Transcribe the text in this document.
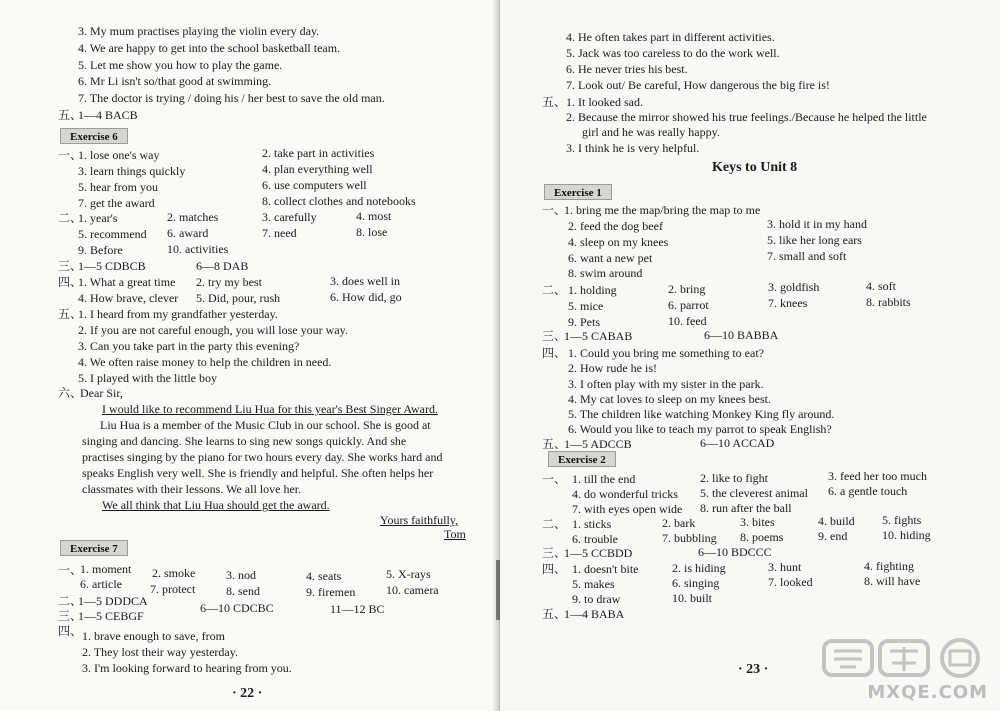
3. My mum practises playing the violin every day.
4. We are happy to get into the school basketball team.
5. Let me show you how to play the game.
6. Mr Li isn't so/that good at swimming.
7. The doctor is trying / doing his / her best to save the old man.
五、
1—4 BACB
Exercise 6
一、
1. lose one's way	2. take part in activities
3. learn things quickly	4. plan everything well
5. hear from you	6. use computers well
7. get the award	8. collect clothes and notebooks
二、
1. year's	2. matches	3. carefully	4. most
5. recommend 6. award	7. need	8. lose
9. Before	10. activities
三、
1—5 CDBCB	6—8 DAB
四、
1. What a great time 2. try my best	3. does well in
4. How brave, clever 5. Did, pour, rush	6. How did, go
五、
1. I heard from my grandfather yesterday.
2. If you are not careful enough, you will lose your way.
3. Can you take part in the party this evening?
4. We often raise money to help the children in need.
5. I played with the little boy
六、
Dear Sir,
I would like to recommend Liu Hua for this year's Best Singer Award.
Liu Hua is a member of the Music Club in our school. She is good at
singing and dancing. She learns to sing new songs quickly. And she
practises singing by the piano for two hours every day. She works hard and
speaks English very well. She is friendly and helpful. She often helps her
classmates with their lessons. We all love her.
We all think that Liu Hua should get the award.
Yours faithfully,
Tom
Exercise 7
一、
1. moment 2. smoke	3. nod	4. seats	5. X-rays
6. article 7. protect	8. send	9. firemen	10. camera
二、
1—5 DDDCA	6—10 CDCBC	11—12 BC
三、
1—5 CEBGF
四、 1. brave enough to save, from
2. They lost their way yesterday.
3. I'm looking forward to hearing from you.
· 22 ·
4. He often takes part in different activities.
5. Jack was too careless to do the work well.
6. He never tries his best.
7. Look out/ Be careful, How dangerous the big fire is!
五、 1. It looked sad.
2. Because the mirror showed his true feelings./Because he helped the little
girl and he was really happy.
3. I think he is very helpful.
Keys to Unit 8
Exercise 1
一、
1. bring me the map/bring the map to me
2. feed the dog beef	3. hold it in my hand
4. sleep on my knees	5. like her long ears
6. want a new pet	7. small and soft
8. swim around
二、 1. holding	2. bring	3. goldfish	4. soft
5. mice	6. parrot	7. knees	8. rabbits
9. Pets	10. feed
三、
1—5 CABAB	6—10 BABBA
四、 1. Could you bring me something to eat?
2. How rude he is!
3. I often play with my sister in the park.
4. My cat loves to sleep on my knees best.
5. The children like watching Monkey King fly around.
6. Would you like to teach my parrot to speak English?
五、
1—5 ADCCB	6—10 ACCAD
Exercise 2
一、 1. till the end	2. like to fight	3. feed her too much
4. do wonderful tricks 5. the cleverest animal 6. a gentle touch
7. with eyes open wide 8. run after the ball
二、 1. sticks	2. bark	3. bites	4. build 5. fights
6. trouble	7. bubbling 8. poems	9. end	10. hiding
三、
1—5 CCBDD	6—10 BDCCC
四、 1. doesn't bite	2. is hiding	3. hunt	4. fighting
5. makes	6. singing	7. looked	8. will have
9. to draw	10. built
五、
1—4 BABA
· 23 ·
MXQE.COM
